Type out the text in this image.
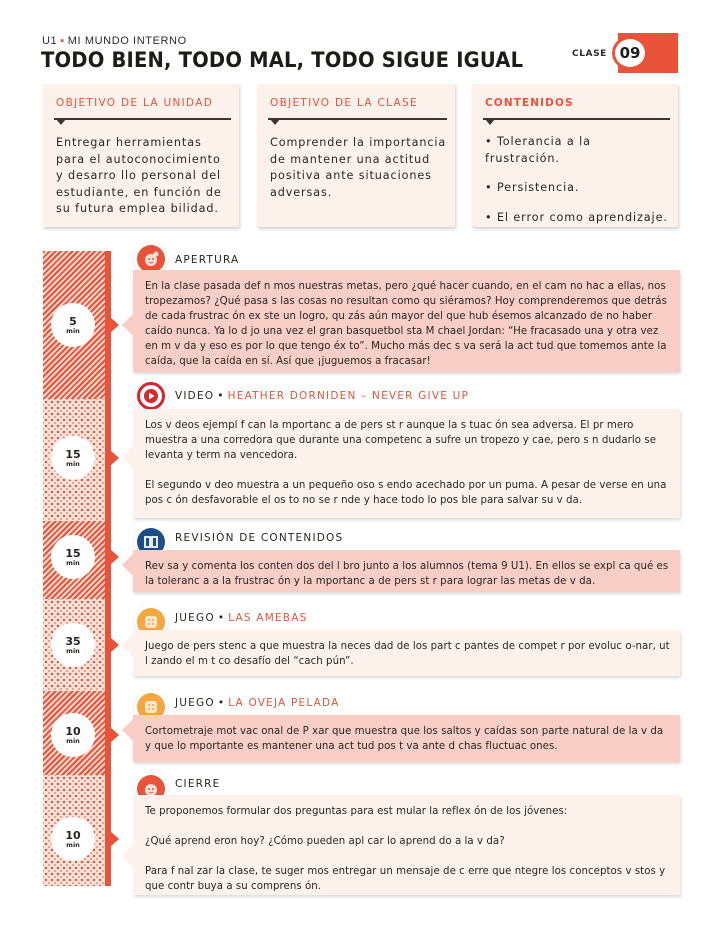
U1 ▪ MI MUNDO INTERNO
TODO BIEN, TODO MAL, TODO SIGUE IGUAL	CLASE 09
OBJETIVO DE LA UNIDAD
Entregar herramientas para el autoconocimiento y desarro llo personal del estudiante, en función de su futura emplea bilidad.
OBJETIVO DE LA CLASE
Comprender la importancia de mantener una actitud positiva ante situaciones adversas.
CONTENIDOS
• Tolerancia a la frustración.
• Persistencia.
• El error como aprendizaje.
5
min
15
min
15
min
35
min
10
min
10
min
APERTURA

En la clase pasada def n mos nuestras metas, pero ¿qué hacer cuando, en el cam no hac a ellas, nos tropezamos? ¿Qué pasa s las cosas no resultan como qu siéramos? Hoy comprenderemos que detrás de cada frustrac ón ex ste un logro, qu zás aún mayor del que hub ésemos alcanzado de no haber caído nunca. Ya lo d jo una vez el gran basquetbol sta M chael Jordan: “He fracasado una y otra vez en m v da y eso es por lo que tengo éx to”. Mucho más dec s va será la act tud que tomemos ante la caída, que la caída en sí. Así que ¡juguemos a fracasar!

VIDEO • HEATHER DORNIDEN – NEVER GIVE UP

Los v deos ejempl f can la mportanc a de pers st r aunque la s tuac ón sea adversa. El pr mero muestra a una corredora que durante una competenc a sufre un tropezo y cae, pero s n dudarlo se levanta y term na vencedora.

El segundo v deo muestra a un pequeño oso s endo acechado por un puma. A pesar de verse en una pos c ón desfavorable el os to no se r nde y hace todo lo pos ble para salvar su v da.

REVISIÓN DE CONTENIDOS

Rev sa y comenta los conten dos del l bro junto a los alumnos (tema 9 U1). En ellos se expl ca qué es la toleranc a a la frustrac ón y la mportanc a de pers st r para lograr las metas de v da.

JUEGO • LAS AMEBAS

Juego de pers stenc a que muestra la neces dad de los part c pantes de compet r por evoluc o-nar, ut l zando el m t co desafío del “cach pún”.

JUEGO • LA OVEJA PELADA

Cortometraje mot vac onal de P xar que muestra que los saltos y caídas son parte natural de la v da y que lo mportante es mantener una act tud pos t va ante d chas fluctuac ones.

CIERRE

Te proponemos formular dos preguntas para est mular la reflex ón de los jóvenes:

¿Qué aprend eron hoy? ¿Cómo pueden apl car lo aprend do a la v da?

Para f nal zar la clase, te suger mos entregar un mensaje de c erre que ntegre los conceptos v stos y que contr buya a su comprens ón.
